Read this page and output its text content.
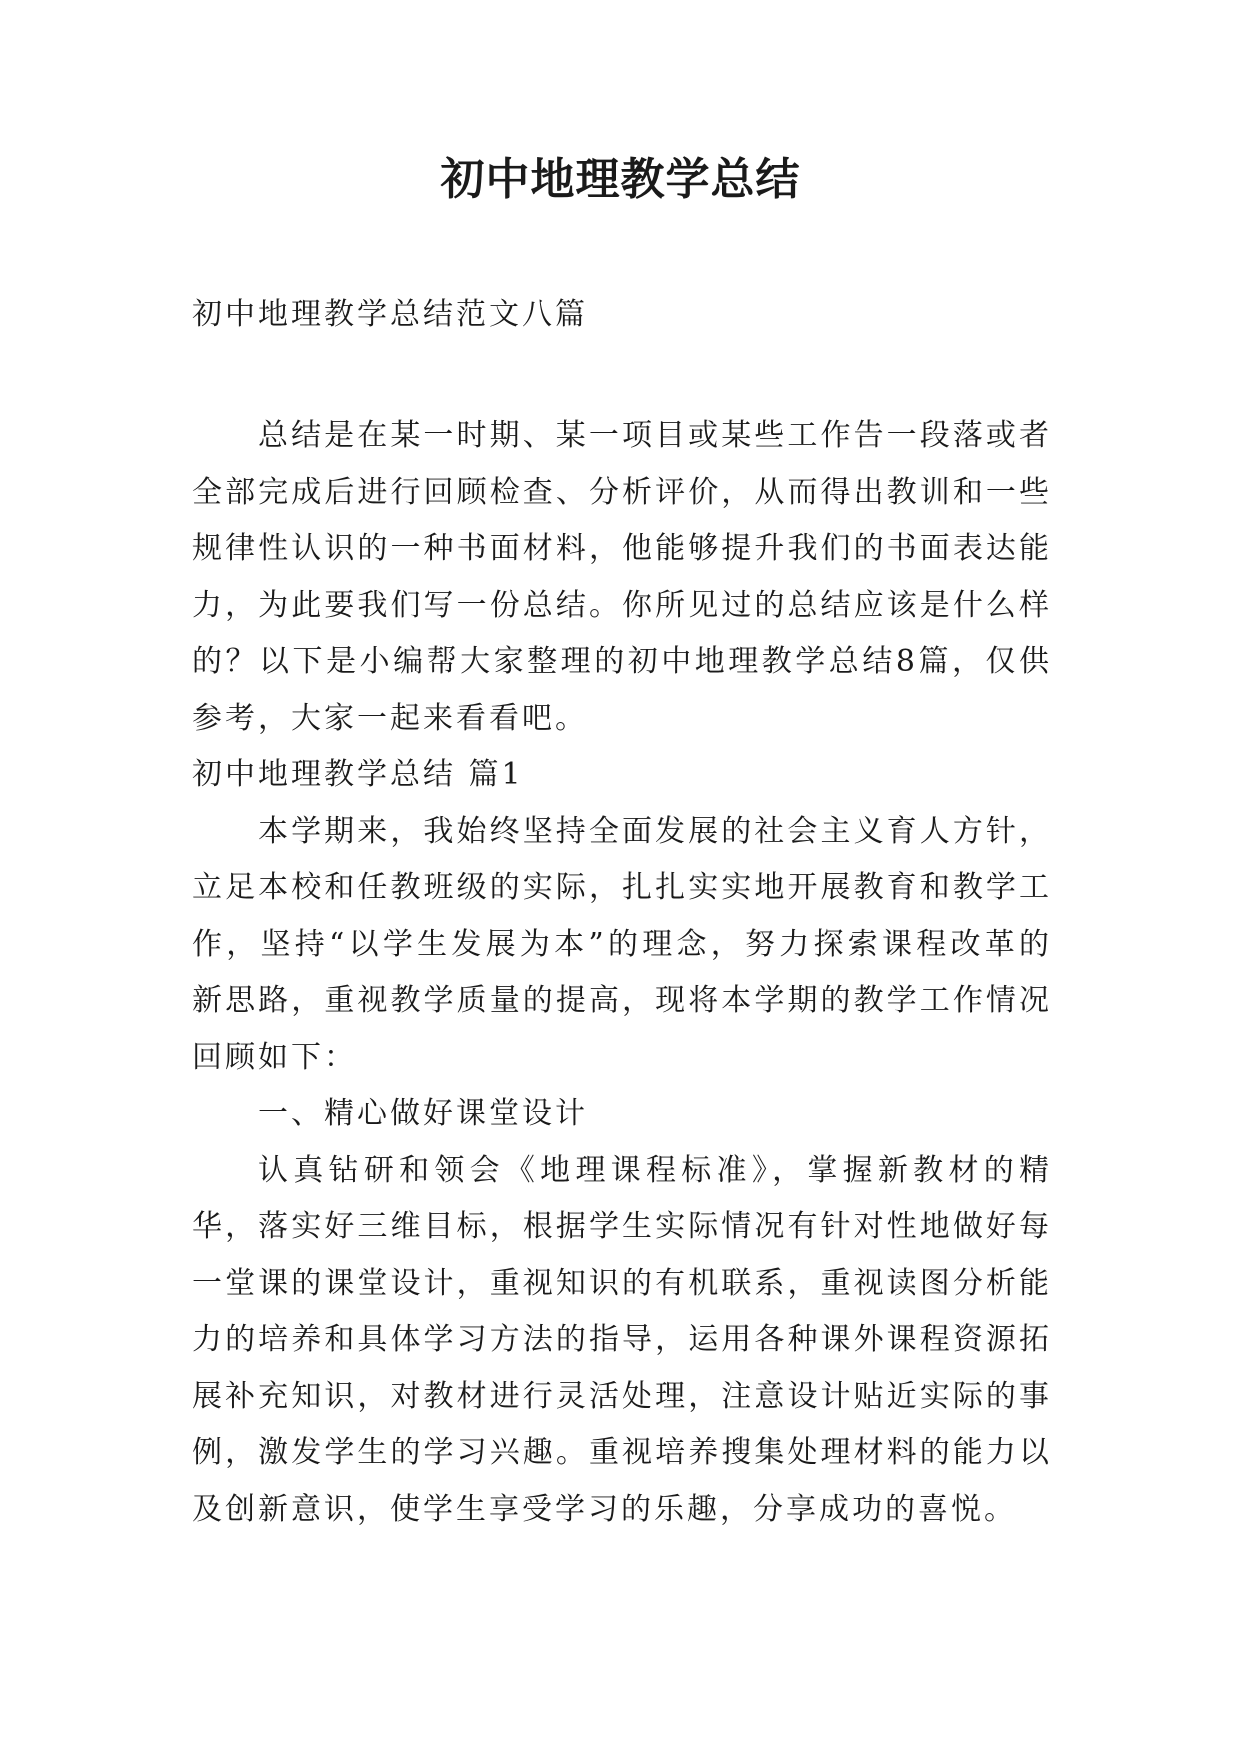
初中地理教学总结
初中地理教学总结范文八篇

总结是在某一时期、某一项目或某些工作告一段落或者全部完成后进行回顾检查、分析评价，从而得出教训和一些规律性认识的一种书面材料，他能够提升我们的书面表达能力，为此要我们写一份总结。你所见过的总结应该是什么样的？以下是小编帮大家整理的初中地理教学总结8篇，仅供参考，大家一起来看看吧。

初中地理教学总结 篇1

本学期来，我始终坚持全面发展的社会主义育人方针，立足本校和任教班级的实际，扎扎实实地开展教育和教学工作，坚持“以学生发展为本”的理念，努力探索课程改革的新思路，重视教学质量的提高，现将本学期的教学工作情况回顾如下：

一、精心做好课堂设计

认真钻研和领会《地理课程标准》，掌握新教材的精华，落实好三维目标，根据学生实际情况有针对性地做好每一堂课的课堂设计，重视知识的有机联系，重视读图分析能力的培养和具体学习方法的指导，运用各种课外课程资源拓展补充知识，对教材进行灵活处理，注意设计贴近实际的事例，激发学生的学习兴趣。重视培养搜集处理材料的能力以及创新意识，使学生享受学习的乐趣，分享成功的喜悦。
